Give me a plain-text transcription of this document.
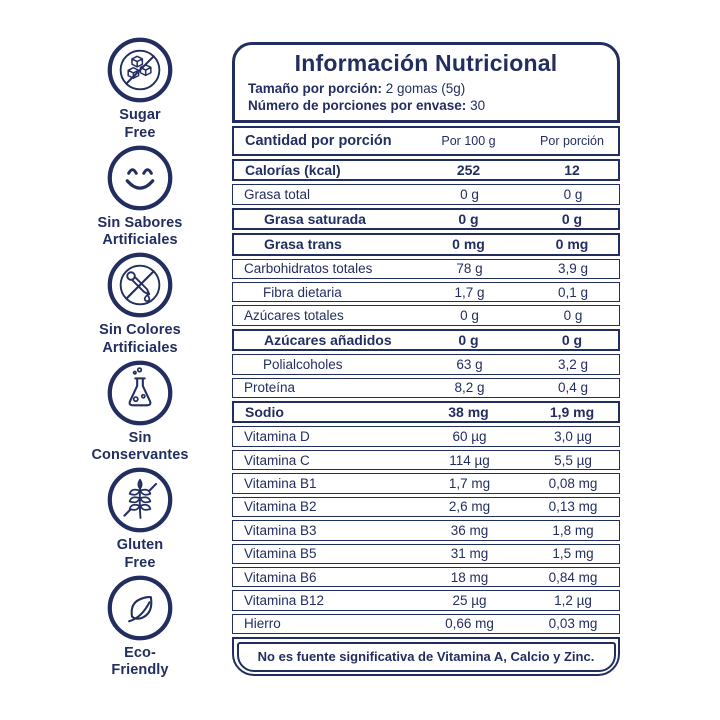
Sugar
Free
Sin Sabores
Artificiales
Sin Colores
Artificiales
Sin
Conservantes
Gluten
Free
Eco-
Friendly
Información Nutricional

Tamaño por porción: 2 gomas (5g)

Número de porciones por envase: 30

Cantidad por porción	Por 100 g	Por porción
Calorías (kcal)	252	12
Grasa total	0 g	0 g
Grasa saturada	0 g	0 g
Grasa trans	0 mg	0 mg
Carbohidratos totales	78 g	3,9 g
Fibra dietaria	1,7 g	0,1 g
Azúcares totales	0 g	0 g
Azúcares añadidos	0 g	0 g
Polialcoholes	63 g	3,2 g
Proteína	8,2 g	0,4 g
Sodio	38 mg	1,9 mg
Vitamina D	60 µg	3,0 µg
Vitamina C	114 µg	5,5 µg
Vitamina B1	1,7 mg	0,08 mg
Vitamina B2	2,6 mg	0,13 mg
Vitamina B3	36 mg	1,8 mg
Vitamina B5	31 mg	1,5 mg
Vitamina B6	18 mg	0,84 mg
Vitamina B12	25 µg	1,2 µg
Hierro	0,66 mg	0,03 mg
No es fuente significativa de Vitamina A, Calcio y Zinc.
